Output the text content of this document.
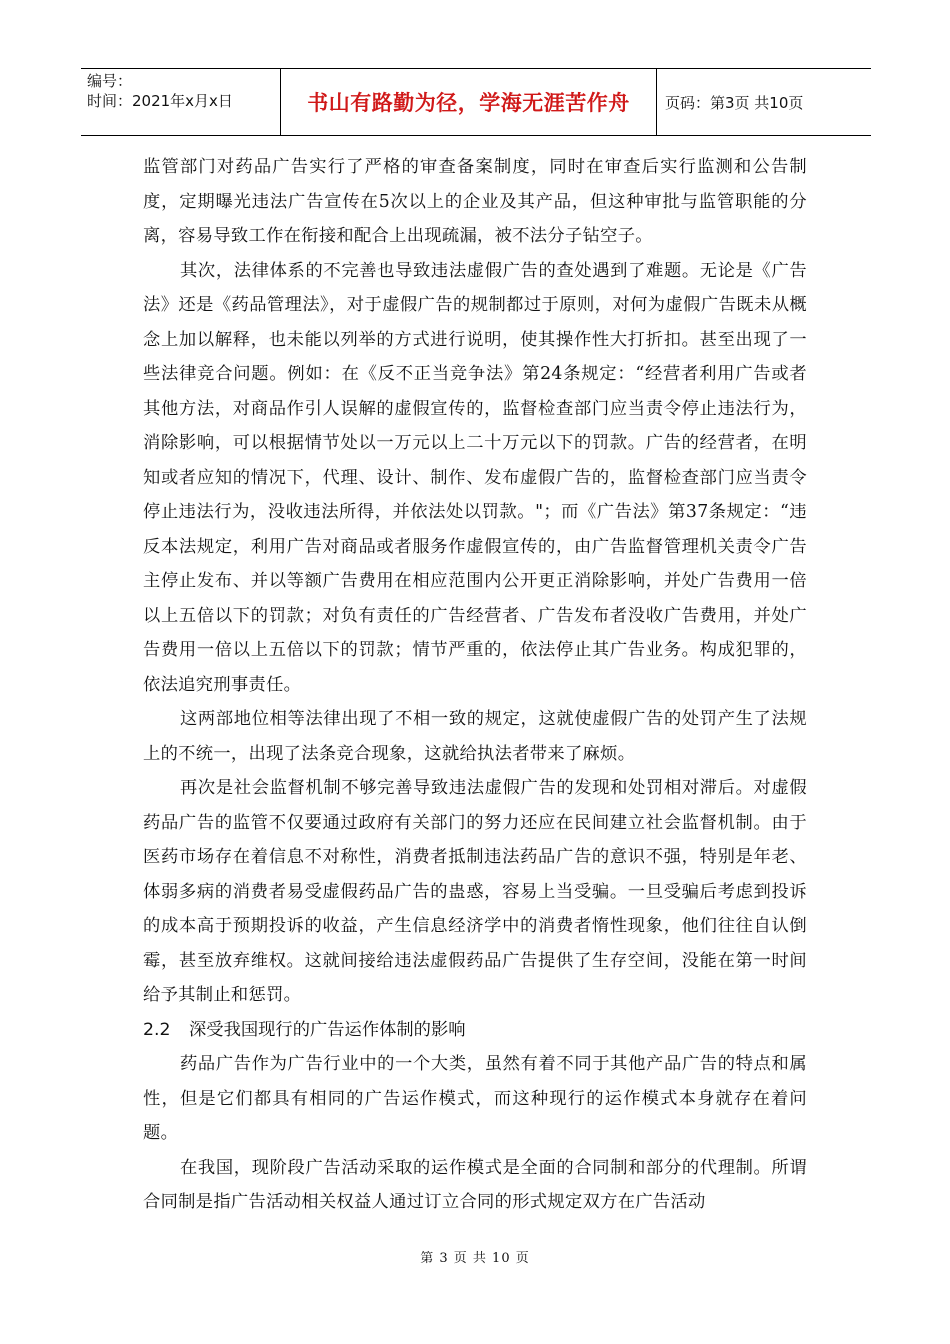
编号：
时间：2021年x月x日	书山有路勤为径，学海无涯苦作舟	页码：第3页 共10页

监管部门对药品广告实行了严格的审查备案制度，同时在审查后实行监测和公告制度，定期曝光违法广告宣传在5次以上的企业及其产品，但这种审批与监管职能的分离，容易导致工作在衔接和配合上出现疏漏，被不法分子钻空子。

其次，法律体系的不完善也导致违法虚假广告的查处遇到了难题。无论是《广告法》还是《药品管理法》，对于虚假广告的规制都过于原则，对何为虚假广告既未从概念上加以解释，也未能以列举的方式进行说明，使其操作性大打折扣。甚至出现了一些法律竞合问题。例如：在《反不正当竞争法》第24条规定：“经营者利用广告或者其他方法，对商品作引人误解的虚假宣传的，监督检查部门应当责令停止违法行为，消除影响，可以根据情节处以一万元以上二十万元以下的罚款。广告的经营者，在明知或者应知的情况下，代理、设计、制作、发布虚假广告的，监督检查部门应当责令停止违法行为，没收违法所得，并依法处以罚款。"；而《广告法》第37条规定：“违反本法规定，利用广告对商品或者服务作虚假宣传的，由广告监督管理机关责令广告主停止发布、并以等额广告费用在相应范围内公开更正消除影响，并处广告费用一倍以上五倍以下的罚款；对负有责任的广告经营者、广告发布者没收广告费用，并处广告费用一倍以上五倍以下的罚款；情节严重的，依法停止其广告业务。构成犯罪的，依法追究刑事责任。

这两部地位相等法律出现了不相一致的规定，这就使虚假广告的处罚产生了法规上的不统一，出现了法条竞合现象，这就给执法者带来了麻烦。

再次是社会监督机制不够完善导致违法虚假广告的发现和处罚相对滞后。对虚假药品广告的监管不仅要通过政府有关部门的努力还应在民间建立社会监督机制。由于医药市场存在着信息不对称性，消费者抵制违法药品广告的意识不强，特别是年老、体弱多病的消费者易受虚假药品广告的蛊惑，容易上当受骗。一旦受骗后考虑到投诉的成本高于预期投诉的收益，产生信息经济学中的消费者惰性现象，他们往往自认倒霉，甚至放弃维权。这就间接给违法虚假药品广告提供了生存空间，没能在第一时间给予其制止和惩罚。

2.2	深受我国现行的广告运作体制的影响

药品广告作为广告行业中的一个大类，虽然有着不同于其他产品广告的特点和属性，但是它们都具有相同的广告运作模式，而这种现行的运作模式本身就存在着问题。

在我国，现阶段广告活动采取的运作模式是全面的合同制和部分的代理制。所谓合同制是指广告活动相关权益人通过订立合同的形式规定双方在广告活动

第 3 页 共 10 页
